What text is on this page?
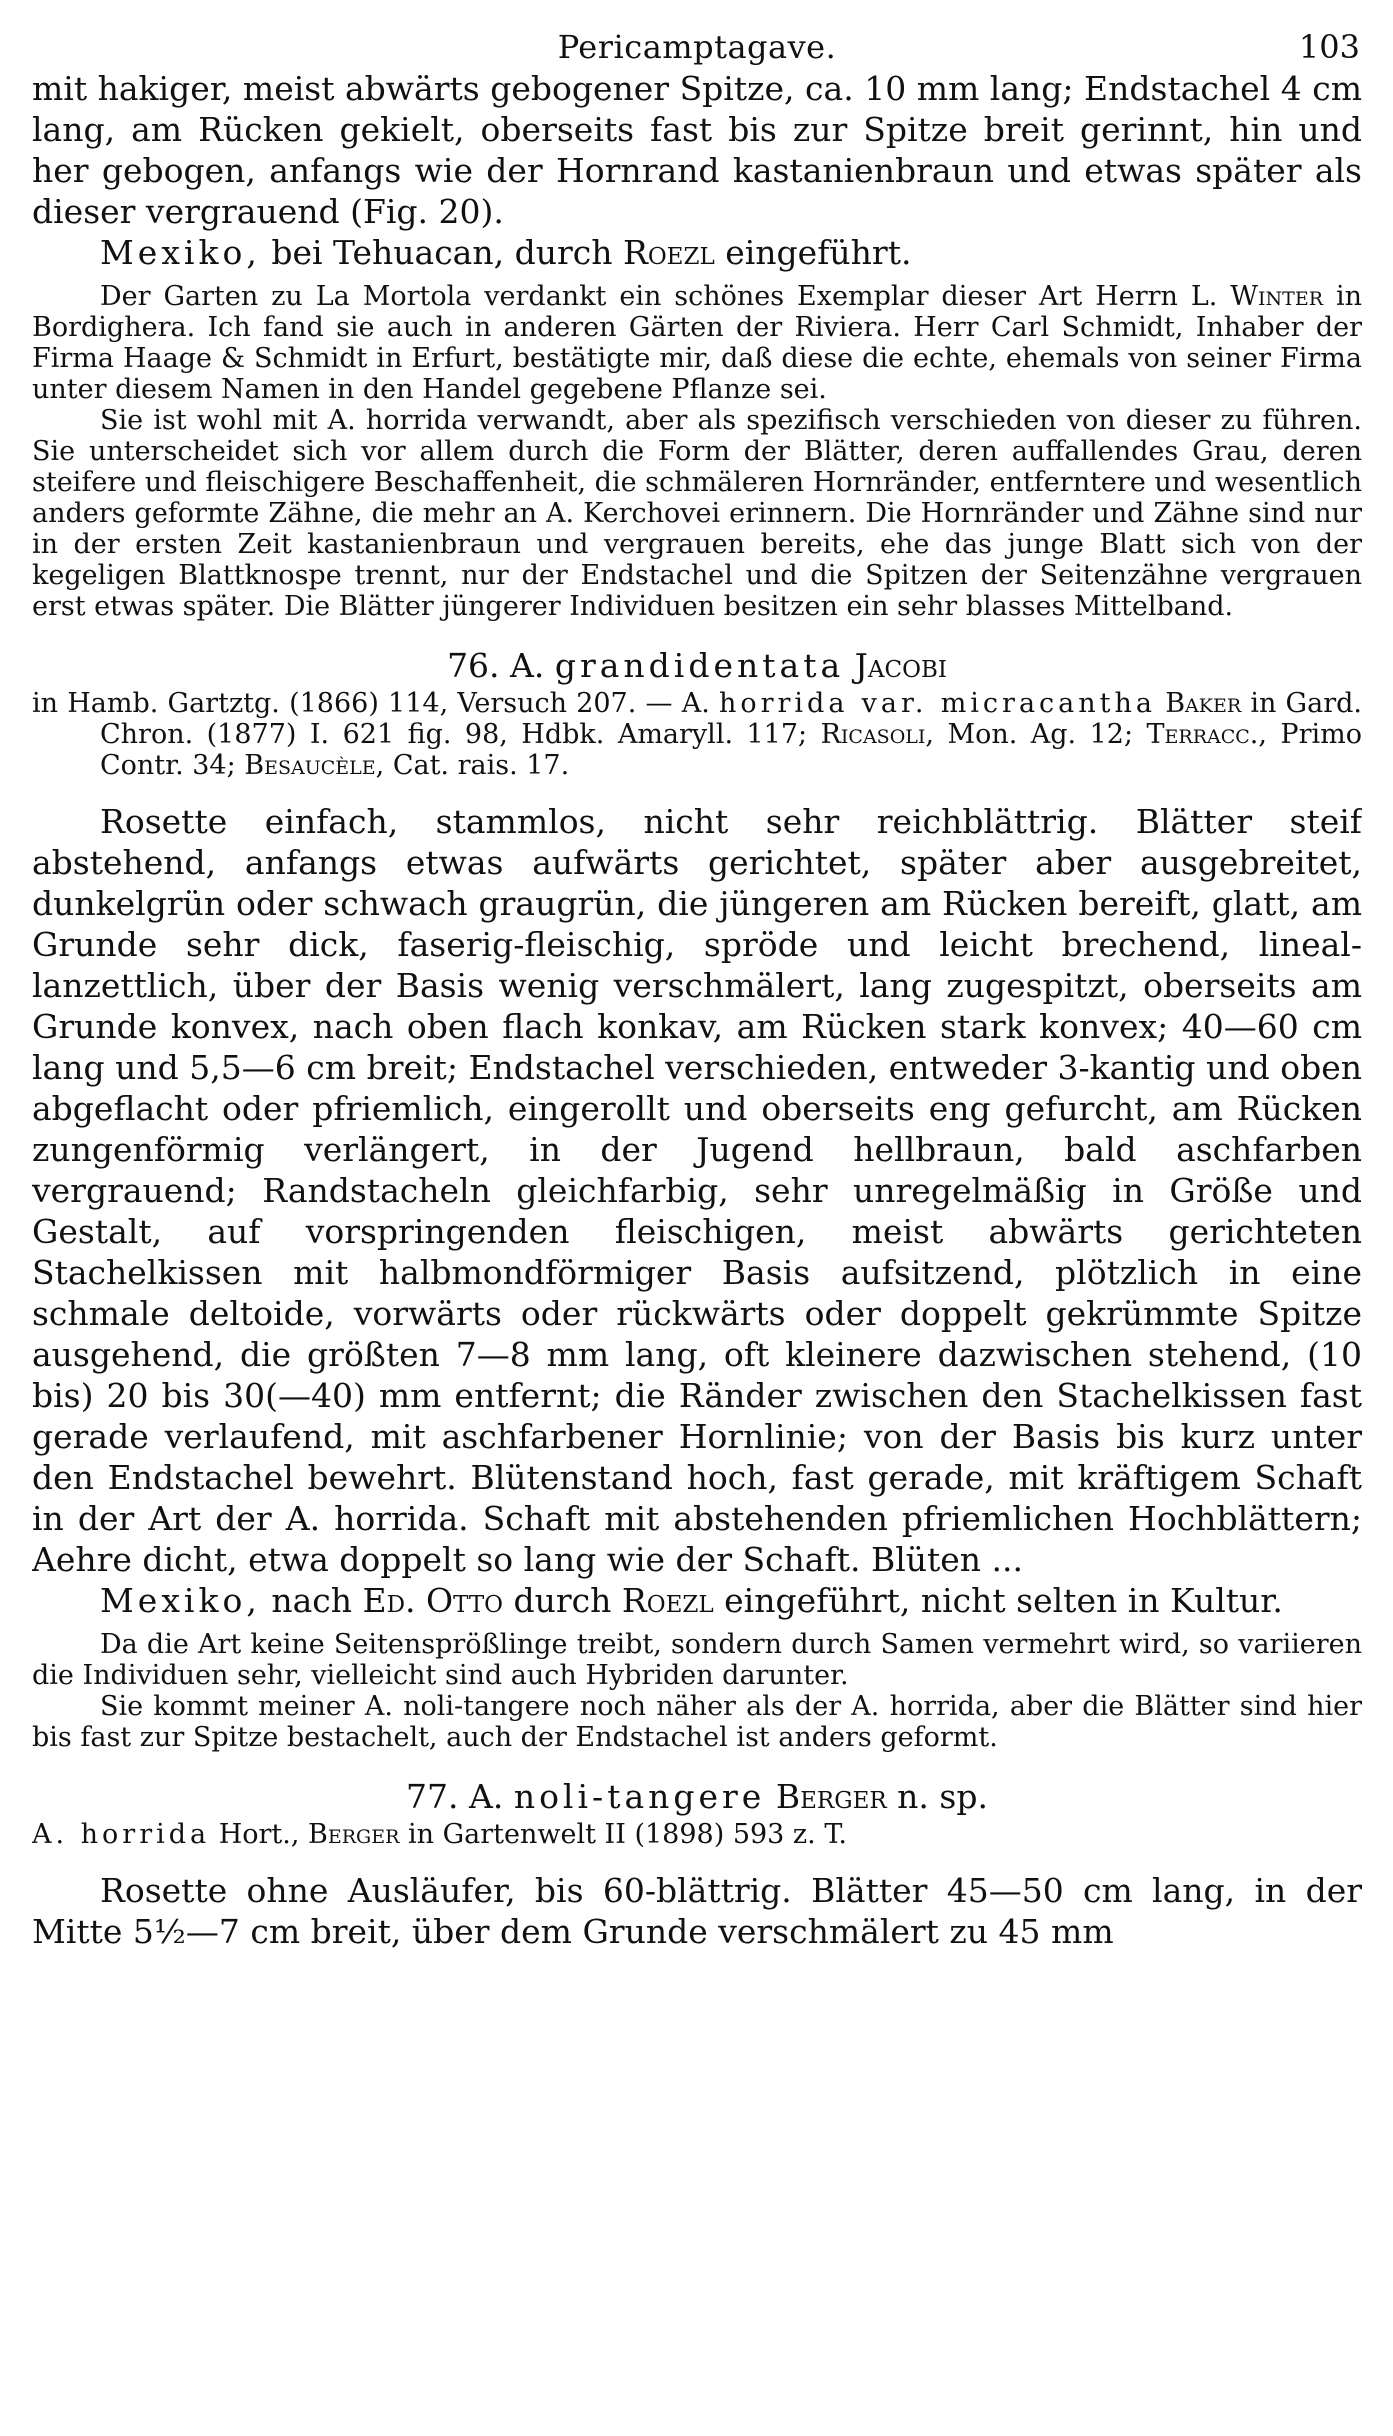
Pericamptagave.	103

mit hakiger, meist abwärts gebogener Spitze, ca. 10 mm lang; Endstachel 4 cm lang, am Rücken gekielt, oberseits fast bis zur Spitze breit gerinnt, hin und her gebogen, anfangs wie der Hornrand kastanienbraun und etwas später als dieser vergrauend (Fig. 20).

Mexiko, bei Tehuacan, durch Roezl eingeführt.

Der Garten zu La Mortola verdankt ein schönes Exemplar dieser Art Herrn L. Winter in Bordighera. Ich fand sie auch in anderen Gärten der Riviera. Herr Carl Schmidt, Inhaber der Firma Haage & Schmidt in Erfurt, bestätigte mir, daß diese die echte, ehemals von seiner Firma unter diesem Namen in den Handel gegebene Pflanze sei.

Sie ist wohl mit A. horrida verwandt, aber als spezifisch verschieden von dieser zu führen. Sie unterscheidet sich vor allem durch die Form der Blätter, deren auffallendes Grau, deren steifere und fleischigere Beschaffenheit, die schmäleren Hornränder, entferntere und wesentlich anders geformte Zähne, die mehr an A. Kerchovei erinnern. Die Hornränder und Zähne sind nur in der ersten Zeit kastanienbraun und vergrauen bereits, ehe das junge Blatt sich von der kegeligen Blattknospe trennt, nur der Endstachel und die Spitzen der Seitenzähne vergrauen erst etwas später. Die Blätter jüngerer Individuen besitzen ein sehr blasses Mittelband.

76. A. grandidentata Jacobi
in Hamb. Gartztg. (1866) 114, Versuch 207. — A. horrida var. micracantha Baker in Gard. Chron. (1877) I. 621 fig. 98, Hdbk. Amaryll. 117; Ricasoli, Mon. Ag. 12; Terracc., Primo Contr. 34; Besaucèle, Cat. rais. 17.

Rosette einfach, stammlos, nicht sehr reichblättrig. Blätter steif abstehend, anfangs etwas aufwärts gerichtet, später aber ausgebreitet, dunkelgrün oder schwach graugrün, die jüngeren am Rücken bereift, glatt, am Grunde sehr dick, faserig-fleischig, spröde und leicht brechend, lineal-lanzettlich, über der Basis wenig verschmälert, lang zugespitzt, oberseits am Grunde konvex, nach oben flach konkav, am Rücken stark konvex; 40—60 cm lang und 5,5—6 cm breit; Endstachel verschieden, entweder 3-kantig und oben abgeflacht oder pfriemlich, eingerollt und oberseits eng gefurcht, am Rücken zungenförmig verlängert, in der Jugend hellbraun, bald aschfarben vergrauend; Randstacheln gleichfarbig, sehr unregelmäßig in Größe und Gestalt, auf vorspringenden fleischigen, meist abwärts gerichteten Stachelkissen mit halbmondförmiger Basis aufsitzend, plötzlich in eine schmale deltoide, vorwärts oder rückwärts oder doppelt gekrümmte Spitze ausgehend, die größten 7—8 mm lang, oft kleinere dazwischen stehend, (10 bis) 20 bis 30(—40) mm entfernt; die Ränder zwischen den Stachelkissen fast gerade verlaufend, mit aschfarbener Hornlinie; von der Basis bis kurz unter den Endstachel bewehrt. Blütenstand hoch, fast gerade, mit kräftigem Schaft in der Art der A. horrida. Schaft mit abstehenden pfriemlichen Hochblättern; Aehre dicht, etwa doppelt so lang wie der Schaft. Blüten ...

Mexiko, nach Ed. Otto durch Roezl eingeführt, nicht selten in Kultur.

Da die Art keine Seitensprößlinge treibt, sondern durch Samen vermehrt wird, so variieren die Individuen sehr, vielleicht sind auch Hybriden darunter.

Sie kommt meiner A. noli-tangere noch näher als der A. horrida, aber die Blätter sind hier bis fast zur Spitze bestachelt, auch der Endstachel ist anders geformt.

77. A. noli-tangere Berger n. sp.
A. horrida Hort., Berger in Gartenwelt II (1898) 593 z. T.

Rosette ohne Ausläufer, bis 60-blättrig. Blätter 45—50 cm lang, in der Mitte 5½—7 cm breit, über dem Grunde verschmälert zu 45 mm
